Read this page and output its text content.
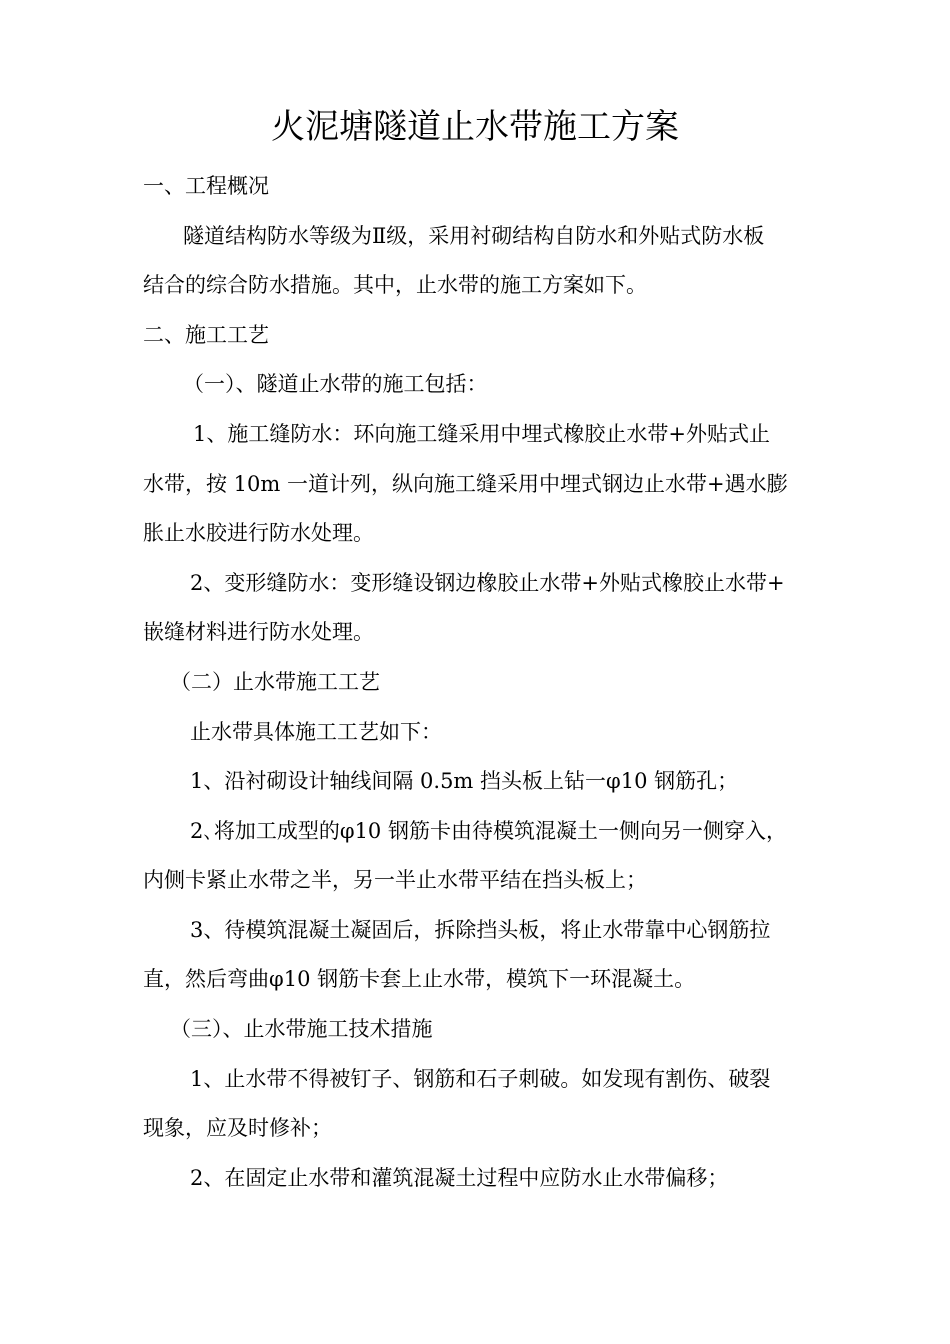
火泥塘隧道止水带施工方案
一、工程概况
隧道结构防水等级为Ⅱ级，采用衬砌结构自防水和外贴式防水板
结合的综合防水措施。其中，止水带的施工方案如下。
二、施工工艺
（一）、隧道止水带的施工包括：
1、施工缝防水：环向施工缝采用中埋式橡胶止水带+外贴式止
水带，按 10m 一道计列，纵向施工缝采用中埋式钢边止水带+遇水膨
胀止水胶进行防水处理。
2、变形缝防水：变形缝设钢边橡胶止水带+外贴式橡胶止水带+
嵌缝材料进行防水处理。
（二）止水带施工工艺
止水带具体施工工艺如下：
1、沿衬砌设计轴线间隔 0.5m 挡头板上钻一φ10 钢筋孔；
2､将加工成型的φ10 钢筋卡由待模筑混凝土一侧向另一侧穿入，
内侧卡紧止水带之半，另一半止水带平结在挡头板上；
3、待模筑混凝土凝固后，拆除挡头板，将止水带靠中心钢筋拉
直，然后弯曲φ10 钢筋卡套上止水带，模筑下一环混凝土。
（三）、止水带施工技术措施
1、止水带不得被钉子、钢筋和石子刺破。如发现有割伤、破裂
现象，应及时修补；
2、在固定止水带和灌筑混凝土过程中应防水止水带偏移；
